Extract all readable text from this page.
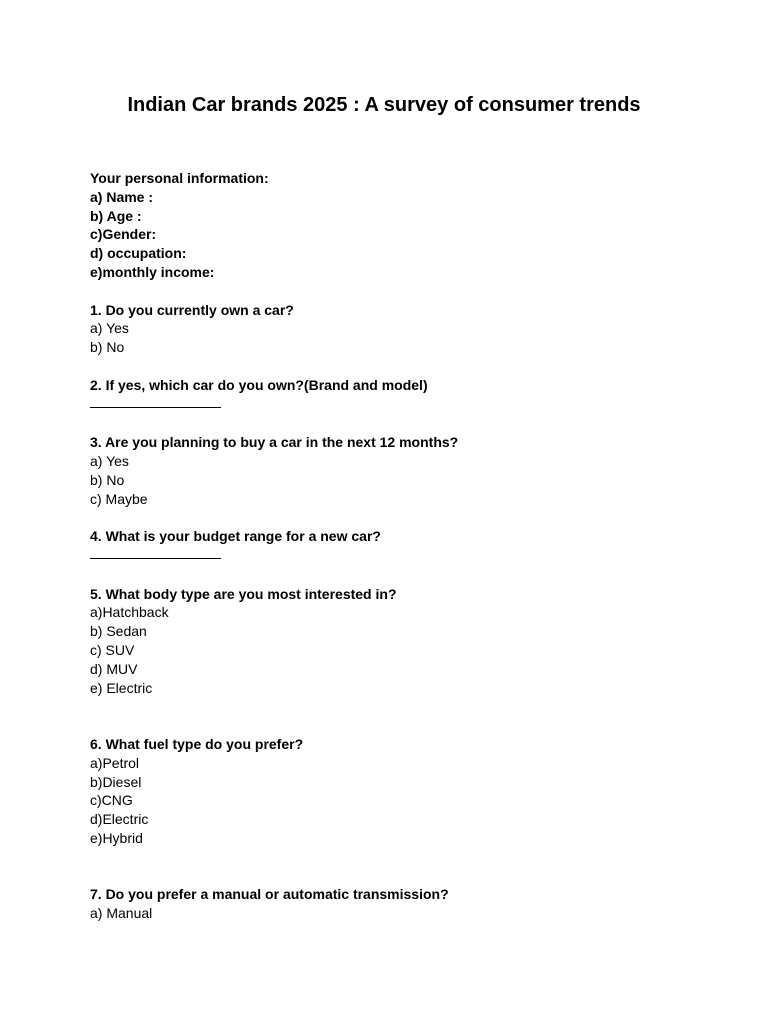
Indian Car brands 2025 : A survey of consumer trends
Your personal information:
a) Name :
b) Age :
c)Gender:
d) occupation:
e)monthly income:
1. Do you currently own a car?
a) Yes
b) No
2. If yes, which car do you own?(Brand and model)
3. Are you planning to buy a car in the next 12 months?
a) Yes
b) No
c) Maybe
4. What is your budget range for a new car?
5. What body type are you most interested in?
a)Hatchback
b) Sedan
c) SUV
d) MUV
e) Electric
6. What fuel type do you prefer?
a)Petrol
b)Diesel
c)CNG
d)Electric
e)Hybrid
7. Do you prefer a manual or automatic transmission?
a) Manual
